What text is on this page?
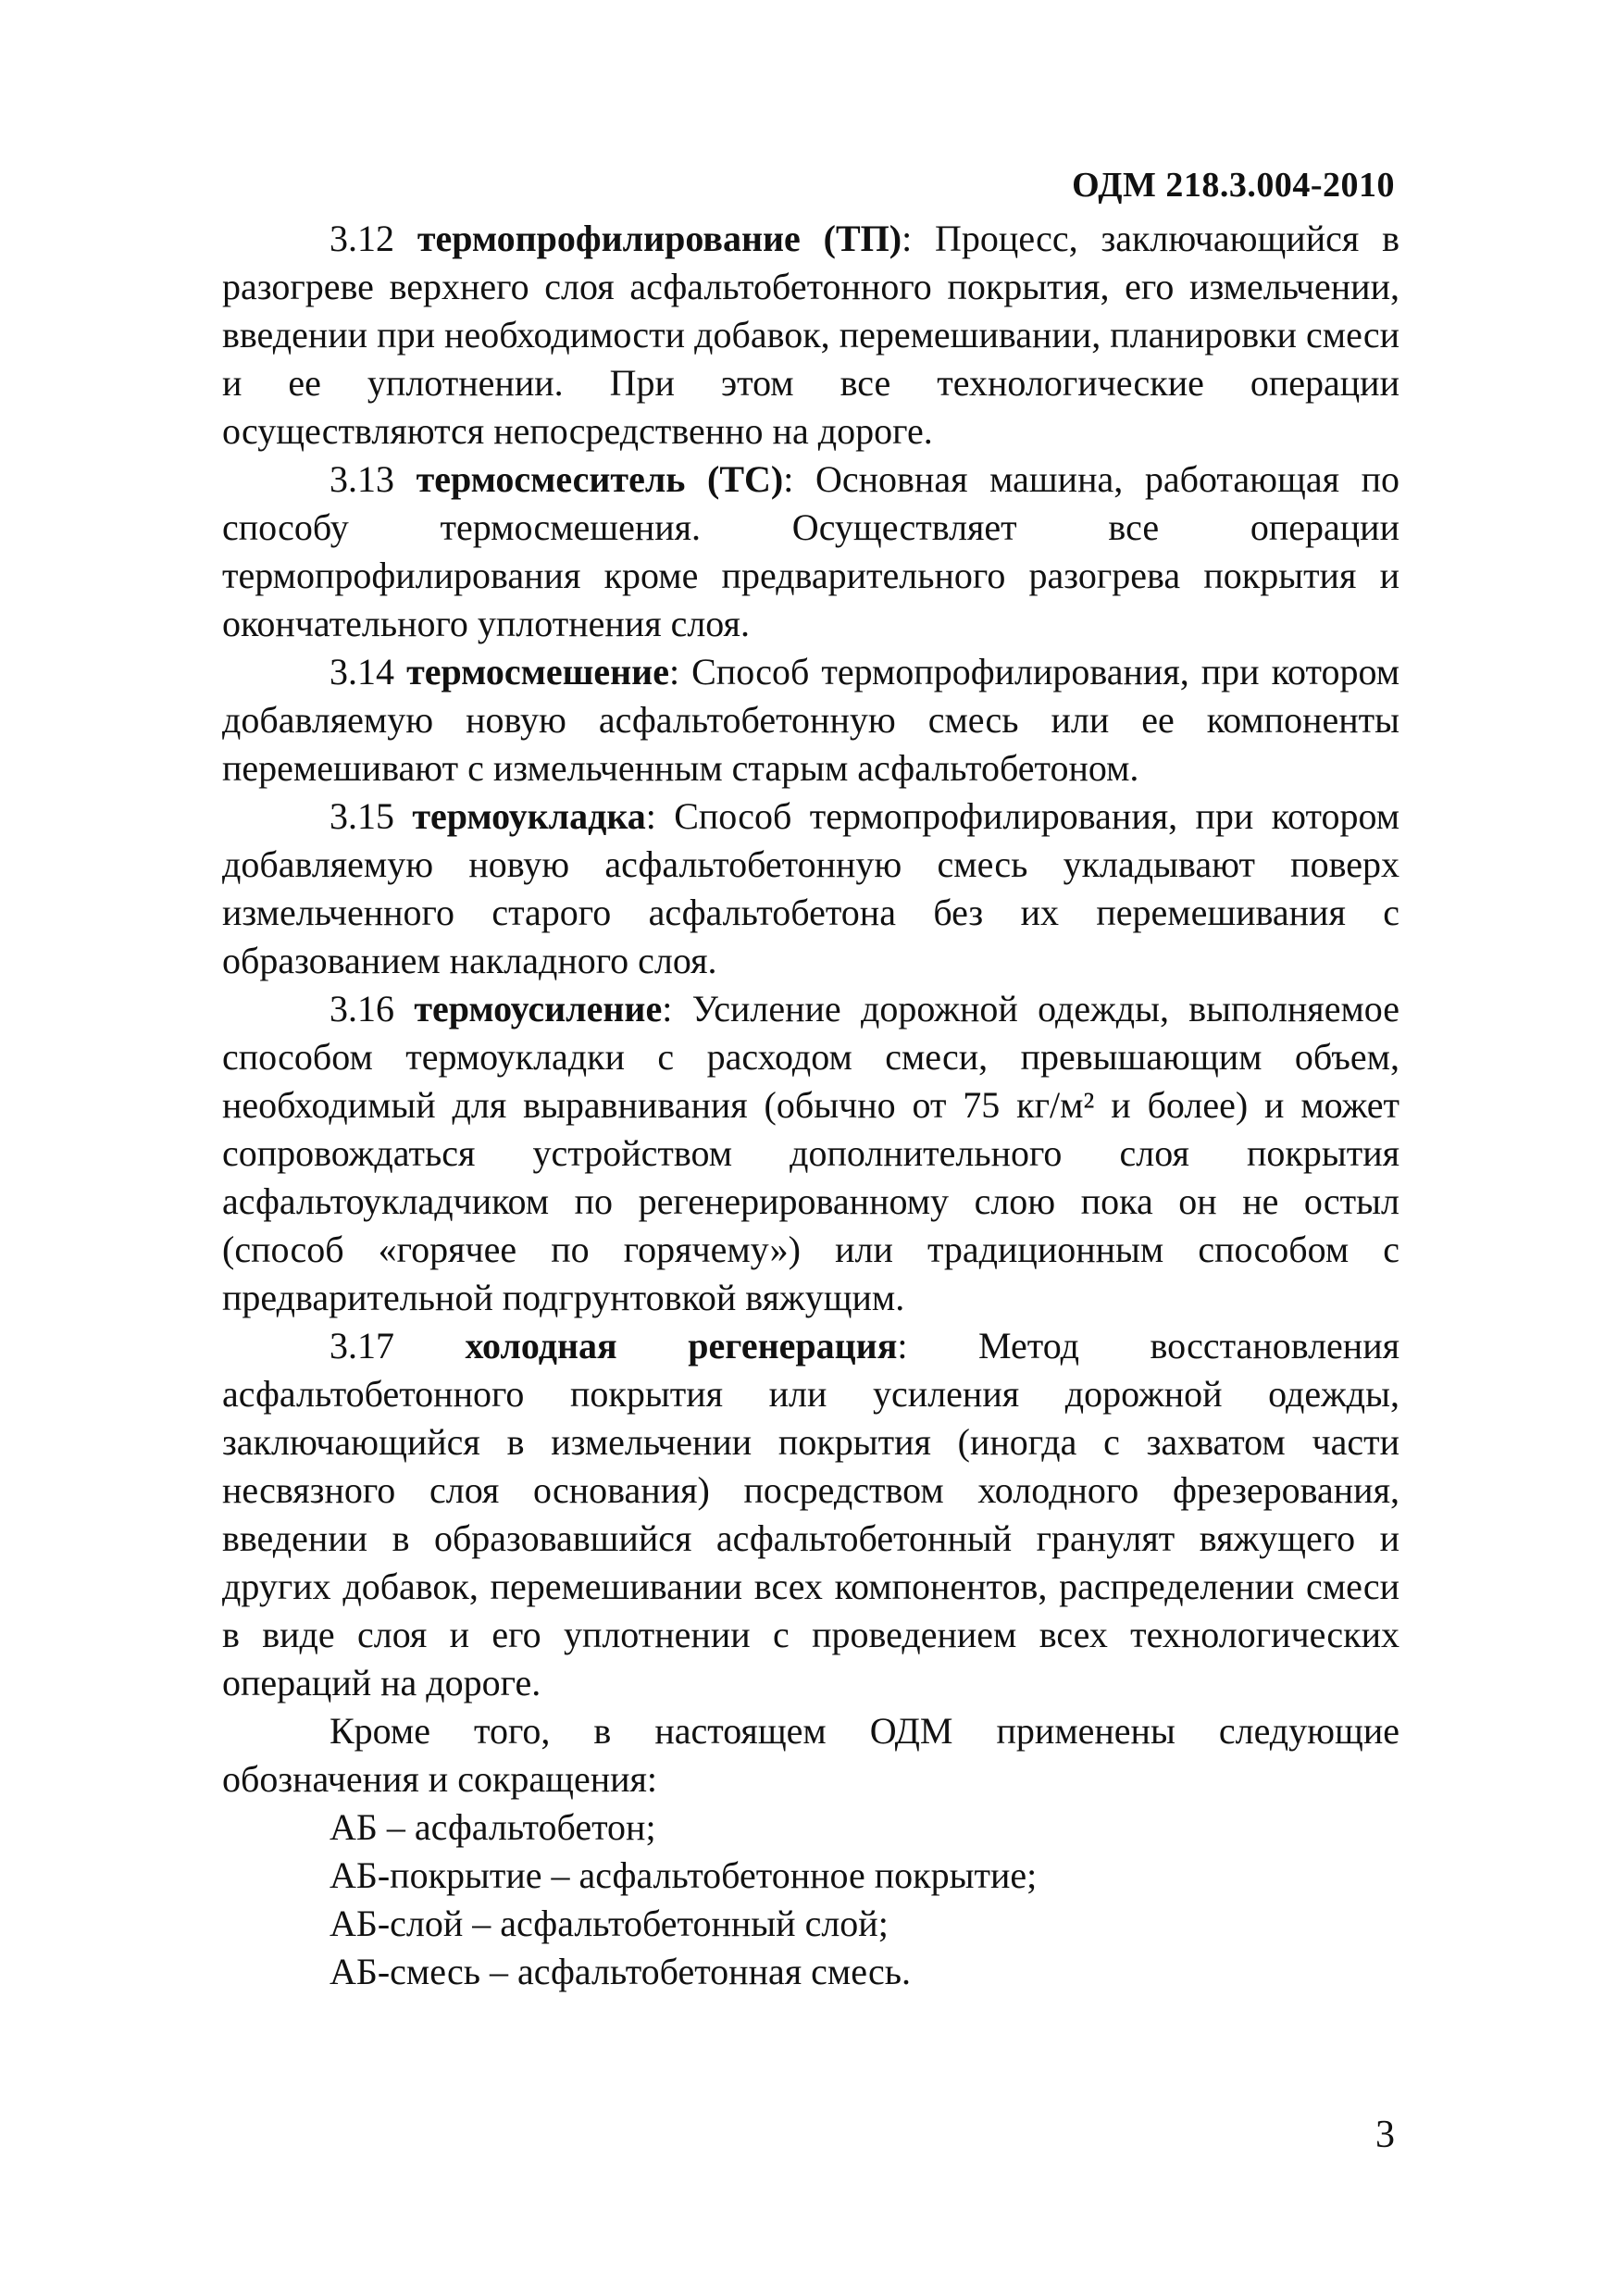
ОДМ 218.3.004-2010

3.12 термопрофилирование (ТП): Процесс, заключающийся в разогреве верхнего слоя асфальтобетонного покрытия, его измельчении, введении при необходимости добавок, перемешивании, планировки смеси и ее уплотнении. При этом все технологические операции осуществляются непосредственно на дороге.

3.13 термосмеситель (ТС): Основная машина, работающая по способу термосмешения. Осуществляет все операции термопрофилирования кроме предварительного разогрева покрытия и окончательного уплотнения слоя.

3.14 термосмешение: Способ термопрофилирования, при котором добавляемую новую асфальтобетонную смесь или ее компоненты перемешивают с измельченным старым асфальтобетоном.

3.15 термоукладка: Способ термопрофилирования, при котором добавляемую новую асфальтобетонную смесь укладывают поверх измельченного старого асфальтобетона без их перемешивания с образованием накладного слоя.

3.16 термоусиление: Усиление дорожной одежды, выполняемое способом термоукладки с расходом смеси, превышающим объем, необходимый для выравнивания (обычно от 75 кг/м² и более) и может сопровождаться устройством дополнительного слоя покрытия асфальтоукладчиком по регенерированному слою пока он не остыл (способ «горячее по горячему») или традиционным способом с предварительной подгрунтовкой вяжущим.

3.17 холодная регенерация: Метод восстановления асфальтобетонного покрытия или усиления дорожной одежды, заключающийся в измельчении покрытия (иногда с захватом части несвязного слоя основания) посредством холодного фрезерования, введении в образовавшийся асфальтобетонный гранулят вяжущего и других добавок, перемешивании всех компонентов, распределении смеси в виде слоя и его уплотнении с проведением всех технологических операций на дороге.

Кроме того, в настоящем ОДМ применены следующие обозначения и сокращения:

АБ – асфальтобетон;
АБ-покрытие – асфальтобетонное покрытие;
АБ-слой – асфальтобетонный слой;
АБ-смесь – асфальтобетонная смесь.
3
